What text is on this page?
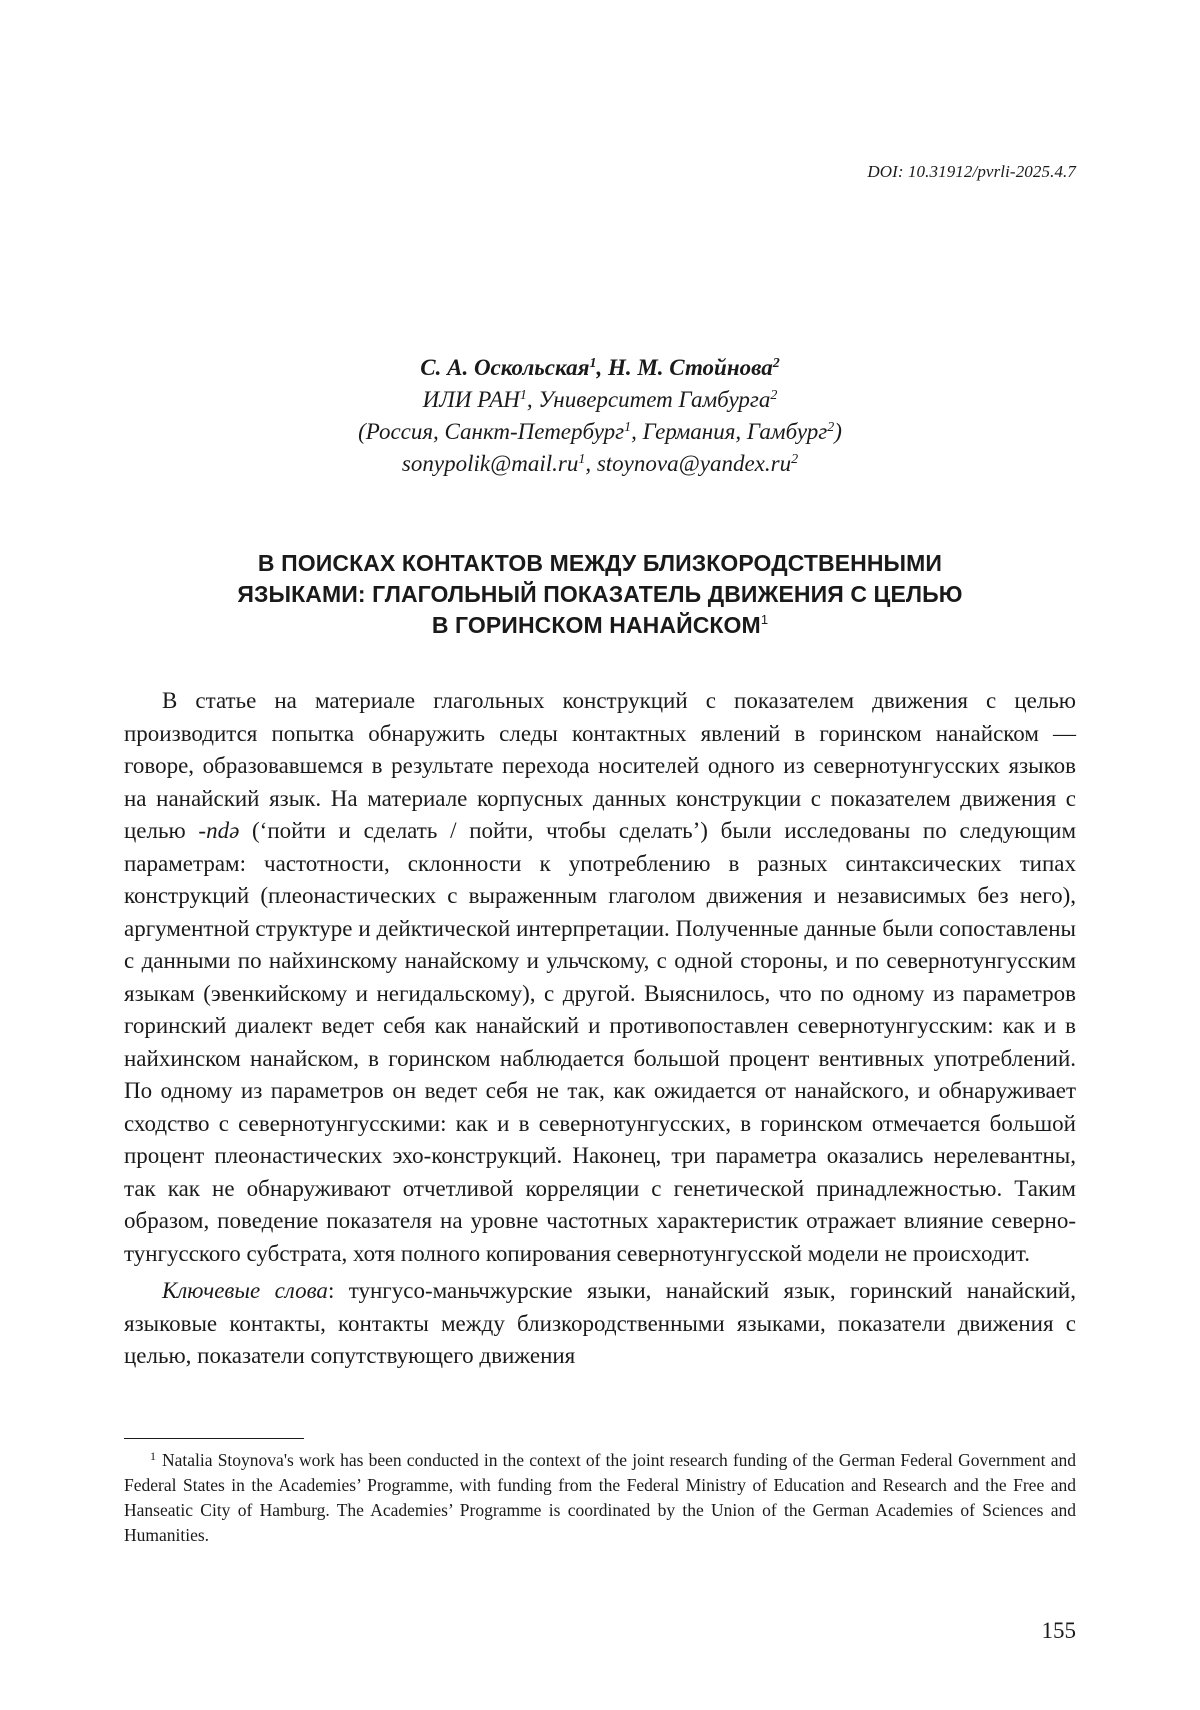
DOI: 10.31912/pvrli-2025.4.7
С. А. Оскольская$^1$, Н. М. Стойнова$^2$
ИЛИ РАН$^1$, Университет Гамбурга$^2$
(Россия, Санкт-Петербург$^1$, Германия, Гамбург$^2$)
$sonypolik@mail.ru^1$, $stoynova@yandex.ru^2$
В ПОИСКАХ КОНТАКТОВ МЕЖДУ БЛИЗКОРОДСТВЕННЫМИ
ЯЗЫКАМИ: ГЛАГОЛЬНЫЙ ПОКАЗАТЕЛЬ ДВИЖЕНИЯ С ЦЕЛЬЮ
В ГОРИНСКОМ НАНАЙСКОМ$^1$

В статье на материале глагольных конструкций с показателем движения с целью производится попытка обнаружить следы контактных явлений в горинском нанайском — говоре, образовавшемся в результате перехода носителей одного из севернотунгусских языков на нанайский язык. На материале корпусных данных конструкции с показателем движения с целью -ndə (‘пойти и сделать / пойти, чтобы сделать’) были исследованы по следующим параметрам: частотности, склонности к употреблению в разных синтаксических типах конструкций (плеонастических с выраженным глаголом движения и независимых без него), аргументной структуре и дейктической интерпретации. Полученные данные были сопоставлены с данными по найхинскому нанайскому и ульчскому, с одной стороны, и по севернотунгусским языкам (эвенкийскому и негидальскому), с другой. Выяснилось, что по одному из параметров горинский диалект ведет себя как нанайский и противопоставлен севернотунгусским: как и в найхинском нанайском, в горинском наблюдается большой процент вентивных употреблений. По одному из параметров он ведет себя не так, как ожидается от нанайского, и обнаруживает сходство с севернотунгусскими: как и в севернотунгусских, в горинском отмечается большой процент плеонастических эхо-конструкций. Наконец, три параметра оказались нерелевантны, так как не обнаруживают отчетливой корреляции с генетической принадлежностью. Таким образом, поведение показателя на уровне частотных характеристик отражает влияние севернотунгусского субстрата, хотя полного копирования севернотунгусской модели не происходит.

Ключевые слова: тунгусо-маньчжурские языки, нанайский язык, горинский нанайский, языковые контакты, контакты между близкородственными языками, показатели движения с целью, показатели сопутствующего движения

$^1$ Natalia Stoynova's work has been conducted in the context of the joint research funding of the German Federal Government and Federal States in the Academies’ Programme, with funding from the Federal Ministry of Education and Research and the Free and Hanseatic City of Hamburg. The Academies’ Programme is coordinated by the Union of the German Academies of Sciences and Humanities.

155
